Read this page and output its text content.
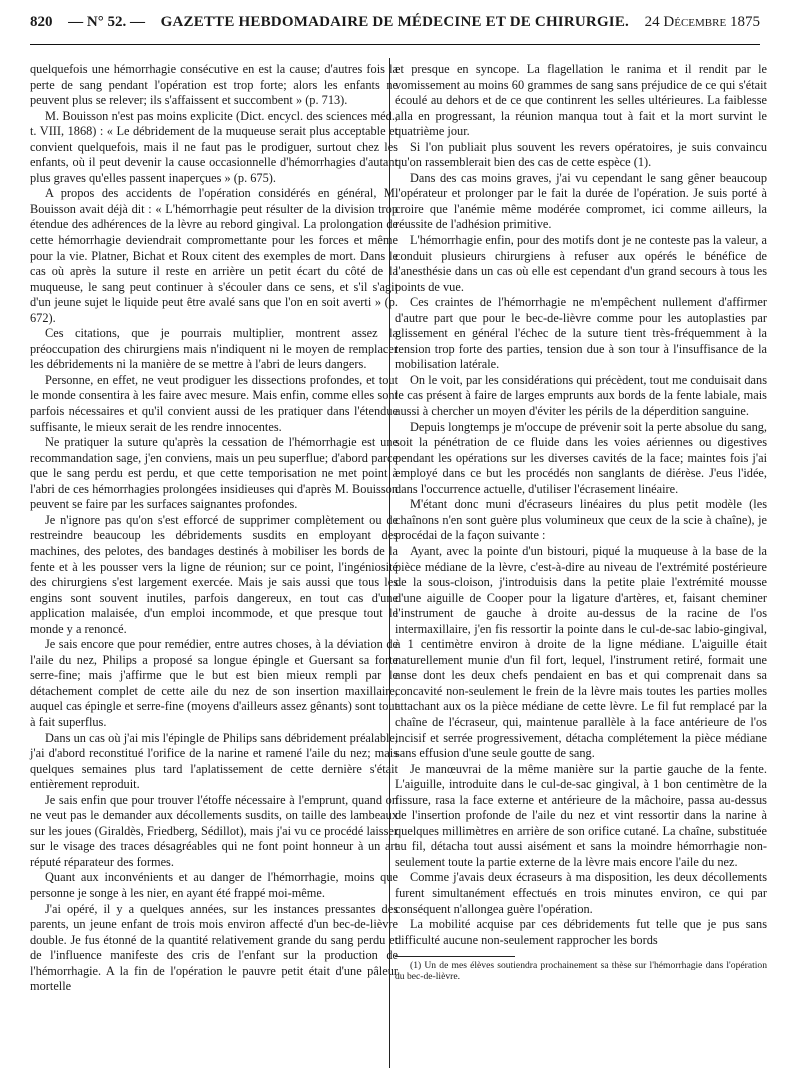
820 — N° 52. — GAZETTE HEBDOMADAIRE DE MÉDECINE ET DE CHIRURGIE. 24 Décembre 1875

quelquefois une hémorrhagie consécutive en est la cause; d'autres fois la perte de sang pendant l'opération est trop forte; alors les enfants ne peuvent plus se relever; ils s'affaissent et succombent » (p. 713).

M. Bouisson n'est pas moins explicite (Dict. encycl. des sciences méd., t. VIII, 1868) : « Le débridement de la muqueuse serait plus acceptable et convient quelquefois, mais il ne faut pas le prodiguer, surtout chez les enfants, où il peut devenir la cause occasionnelle d'hémorrhagies d'autant plus graves qu'elles passent inaperçues » (p. 675).

A propos des accidents de l'opération considérés en général, M. Bouisson avait déjà dit : « L'hémorrhagie peut résulter de la division trop étendue des adhérences de la lèvre au rebord gingival. La prolongation de cette hémorrhagie deviendrait compromettante pour les forces et même pour la vie. Platner, Bichat et Roux citent des exemples de mort. Dans le cas où après la suture il reste en arrière un petit écart du côté de la muqueuse, le sang peut continuer à s'écouler dans ce sens, et s'il s'agit d'un jeune sujet le liquide peut être avalé sans que l'on en soit averti » (p. 672).

Ces citations, que je pourrais multiplier, montrent assez la préoccupation des chirurgiens mais n'indiquent ni le moyen de remplacer les débridements ni la manière de se mettre à l'abri de leurs dangers.

Personne, en effet, ne veut prodiguer les dissections profondes, et tout le monde consentira à les faire avec mesure. Mais enfin, comme elles sont parfois nécessaires et qu'il convient aussi de les pratiquer dans l'étendue suffisante, le mieux serait de les rendre innocentes.

Ne pratiquer la suture qu'après la cessation de l'hémorrhagie est une recommandation sage, j'en conviens, mais un peu superflue; d'abord parce que le sang perdu est perdu, et que cette temporisation ne met point à l'abri de ces hémorrhagies prolongées insidieuses qui d'après M. Bouisson peuvent se faire par les surfaces saignantes profondes.

Je n'ignore pas qu'on s'est efforcé de supprimer complètement ou de restreindre beaucoup les débridements susdits en employant des machines, des pelotes, des bandages destinés à mobiliser les bords de la fente et à les pousser vers la ligne de réunion; sur ce point, l'ingéniosité des chirurgiens s'est largement exercée. Mais je sais aussi que tous les engins sont souvent inutiles, parfois dangereux, en tout cas d'une application malaisée, d'un emploi incommode, et que presque tout le monde y a renoncé.

Je sais encore que pour remédier, entre autres choses, à la déviation de l'aile du nez, Philips a proposé sa longue épingle et Guersant sa forte serre-fine; mais j'affirme que le but est bien mieux rempli par le détachement complet de cette aile du nez de son insertion maxillaire, auquel cas épingle et serre-fine (moyens d'ailleurs assez gênants) sont tout à fait superflus.

Dans un cas où j'ai mis l'épingle de Philips sans débridement préalable, j'ai d'abord reconstitué l'orifice de la narine et ramené l'aile du nez; mais quelques semaines plus tard l'aplatissement de cette dernière s'était entièrement reproduit.

Je sais enfin que pour trouver l'étoffe nécessaire à l'emprunt, quand on ne veut pas le demander aux décollements susdits, on taille des lambeaux sur les joues (Giraldès, Friedberg, Sédillot), mais j'ai vu ce procédé laisser sur le visage des traces désagréables qui ne font point honneur à un art réputé réparateur des formes.

Quant aux inconvénients et au danger de l'hémorrhagie, moins que personne je songe à les nier, en ayant été frappé moi-même.

J'ai opéré, il y a quelques années, sur les instances pressantes des parents, un jeune enfant de trois mois environ affecté d'un bec-de-lièvre double. Je fus étonné de la quantité relativement grande du sang perdu et de l'influence manifeste des cris de l'enfant sur la production de l'hémorrhagie. A la fin de l'opération le pauvre petit était d'une pâleur mortelle

et presque en syncope. La flagellation le ranima et il rendit par le vomissement au moins 60 grammes de sang sans préjudice de ce qui s'était écoulé au dehors et de ce que continrent les selles ultérieures. La faiblesse alla en progressant, la réunion manqua tout à fait et la mort survint le quatrième jour.

Si l'on publiait plus souvent les revers opératoires, je suis convaincu qu'on rassemblerait bien des cas de cette espèce (1).

Dans des cas moins graves, j'ai vu cependant le sang gêner beaucoup l'opérateur et prolonger par le fait la durée de l'opération. Je suis porté à croire que l'anémie même modérée compromet, ici comme ailleurs, la réussite de l'adhésion primitive.

L'hémorrhagie enfin, pour des motifs dont je ne conteste pas la valeur, a conduit plusieurs chirurgiens à refuser aux opérés le bénéfice de l'anesthésie dans un cas où elle est cependant d'un grand secours à tous les points de vue.

Ces craintes de l'hémorrhagie ne m'empêchent nullement d'affirmer d'autre part que pour le bec-de-lièvre comme pour les autoplasties par glissement en général l'échec de la suture tient très-fréquemment à la tension trop forte des parties, tension due à son tour à l'insuffisance de la mobilisation latérale.

On le voit, par les considérations qui précèdent, tout me conduisait dans le cas présent à faire de larges emprunts aux bords de la fente labiale, mais aussi à chercher un moyen d'éviter les périls de la déperdition sanguine.

Depuis longtemps je m'occupe de prévenir soit la perte absolue du sang, soit la pénétration de ce fluide dans les voies aériennes ou digestives pendant les opérations sur les diverses cavités de la face; maintes fois j'ai employé dans ce but les procédés non sanglants de diérèse. J'eus l'idée, dans l'occurrence actuelle, d'utiliser l'écrasement linéaire.

M'étant donc muni d'écraseurs linéaires du plus petit modèle (les chaînons n'en sont guère plus volumineux que ceux de la scie à chaîne), je procédai de la façon suivante :

Ayant, avec la pointe d'un bistouri, piqué la muqueuse à la base de la pièce médiane de la lèvre, c'est-à-dire au niveau de l'extrémité postérieure de la sous-cloison, j'introduisis dans la petite plaie l'extrémité mousse d'une aiguille de Cooper pour la ligature d'artères, et, faisant cheminer l'instrument de gauche à droite au-dessus de la racine de l'os intermaxillaire, j'en fis ressortir la pointe dans le cul-de-sac labio-gingival, à 1 centimètre environ à droite de la ligne médiane. L'aiguille était naturellement munie d'un fil fort, lequel, l'instrument retiré, formait une anse dont les deux chefs pendaient en bas et qui comprenait dans sa concavité non-seulement le frein de la lèvre mais toutes les parties molles attachant aux os la pièce médiane de cette lèvre. Le fil fut remplacé par la chaîne de l'écraseur, qui, maintenue parallèle à la face antérieure de l'os incisif et serrée progressivement, détacha complétement la pièce médiane sans effusion d'une seule goutte de sang.

Je manœuvrai de la même manière sur la partie gauche de la fente. L'aiguille, introduite dans le cul-de-sac gingival, à 1 bon centimètre de la fissure, rasa la face externe et antérieure de la mâchoire, passa au-dessus de l'insertion profonde de l'aile du nez et vint ressortir dans la narine à quelques millimètres en arrière de son orifice cutané. La chaîne, substituée au fil, détacha tout aussi aisément et sans la moindre hémorrhagie non-seulement toute la partie externe de la lèvre mais encore l'aile du nez.

Comme j'avais deux écraseurs à ma disposition, les deux décollements furent simultanément effectués en trois minutes environ, ce qui par conséquent n'allongea guère l'opération.

La mobilité acquise par ces débridements fut telle que je pus sans difficulté aucune non-seulement rapprocher les bords

(1) Un de mes élèves soutiendra prochainement sa thèse sur l'hémorrhagie dans l'opération du bec-de-lièvre.
